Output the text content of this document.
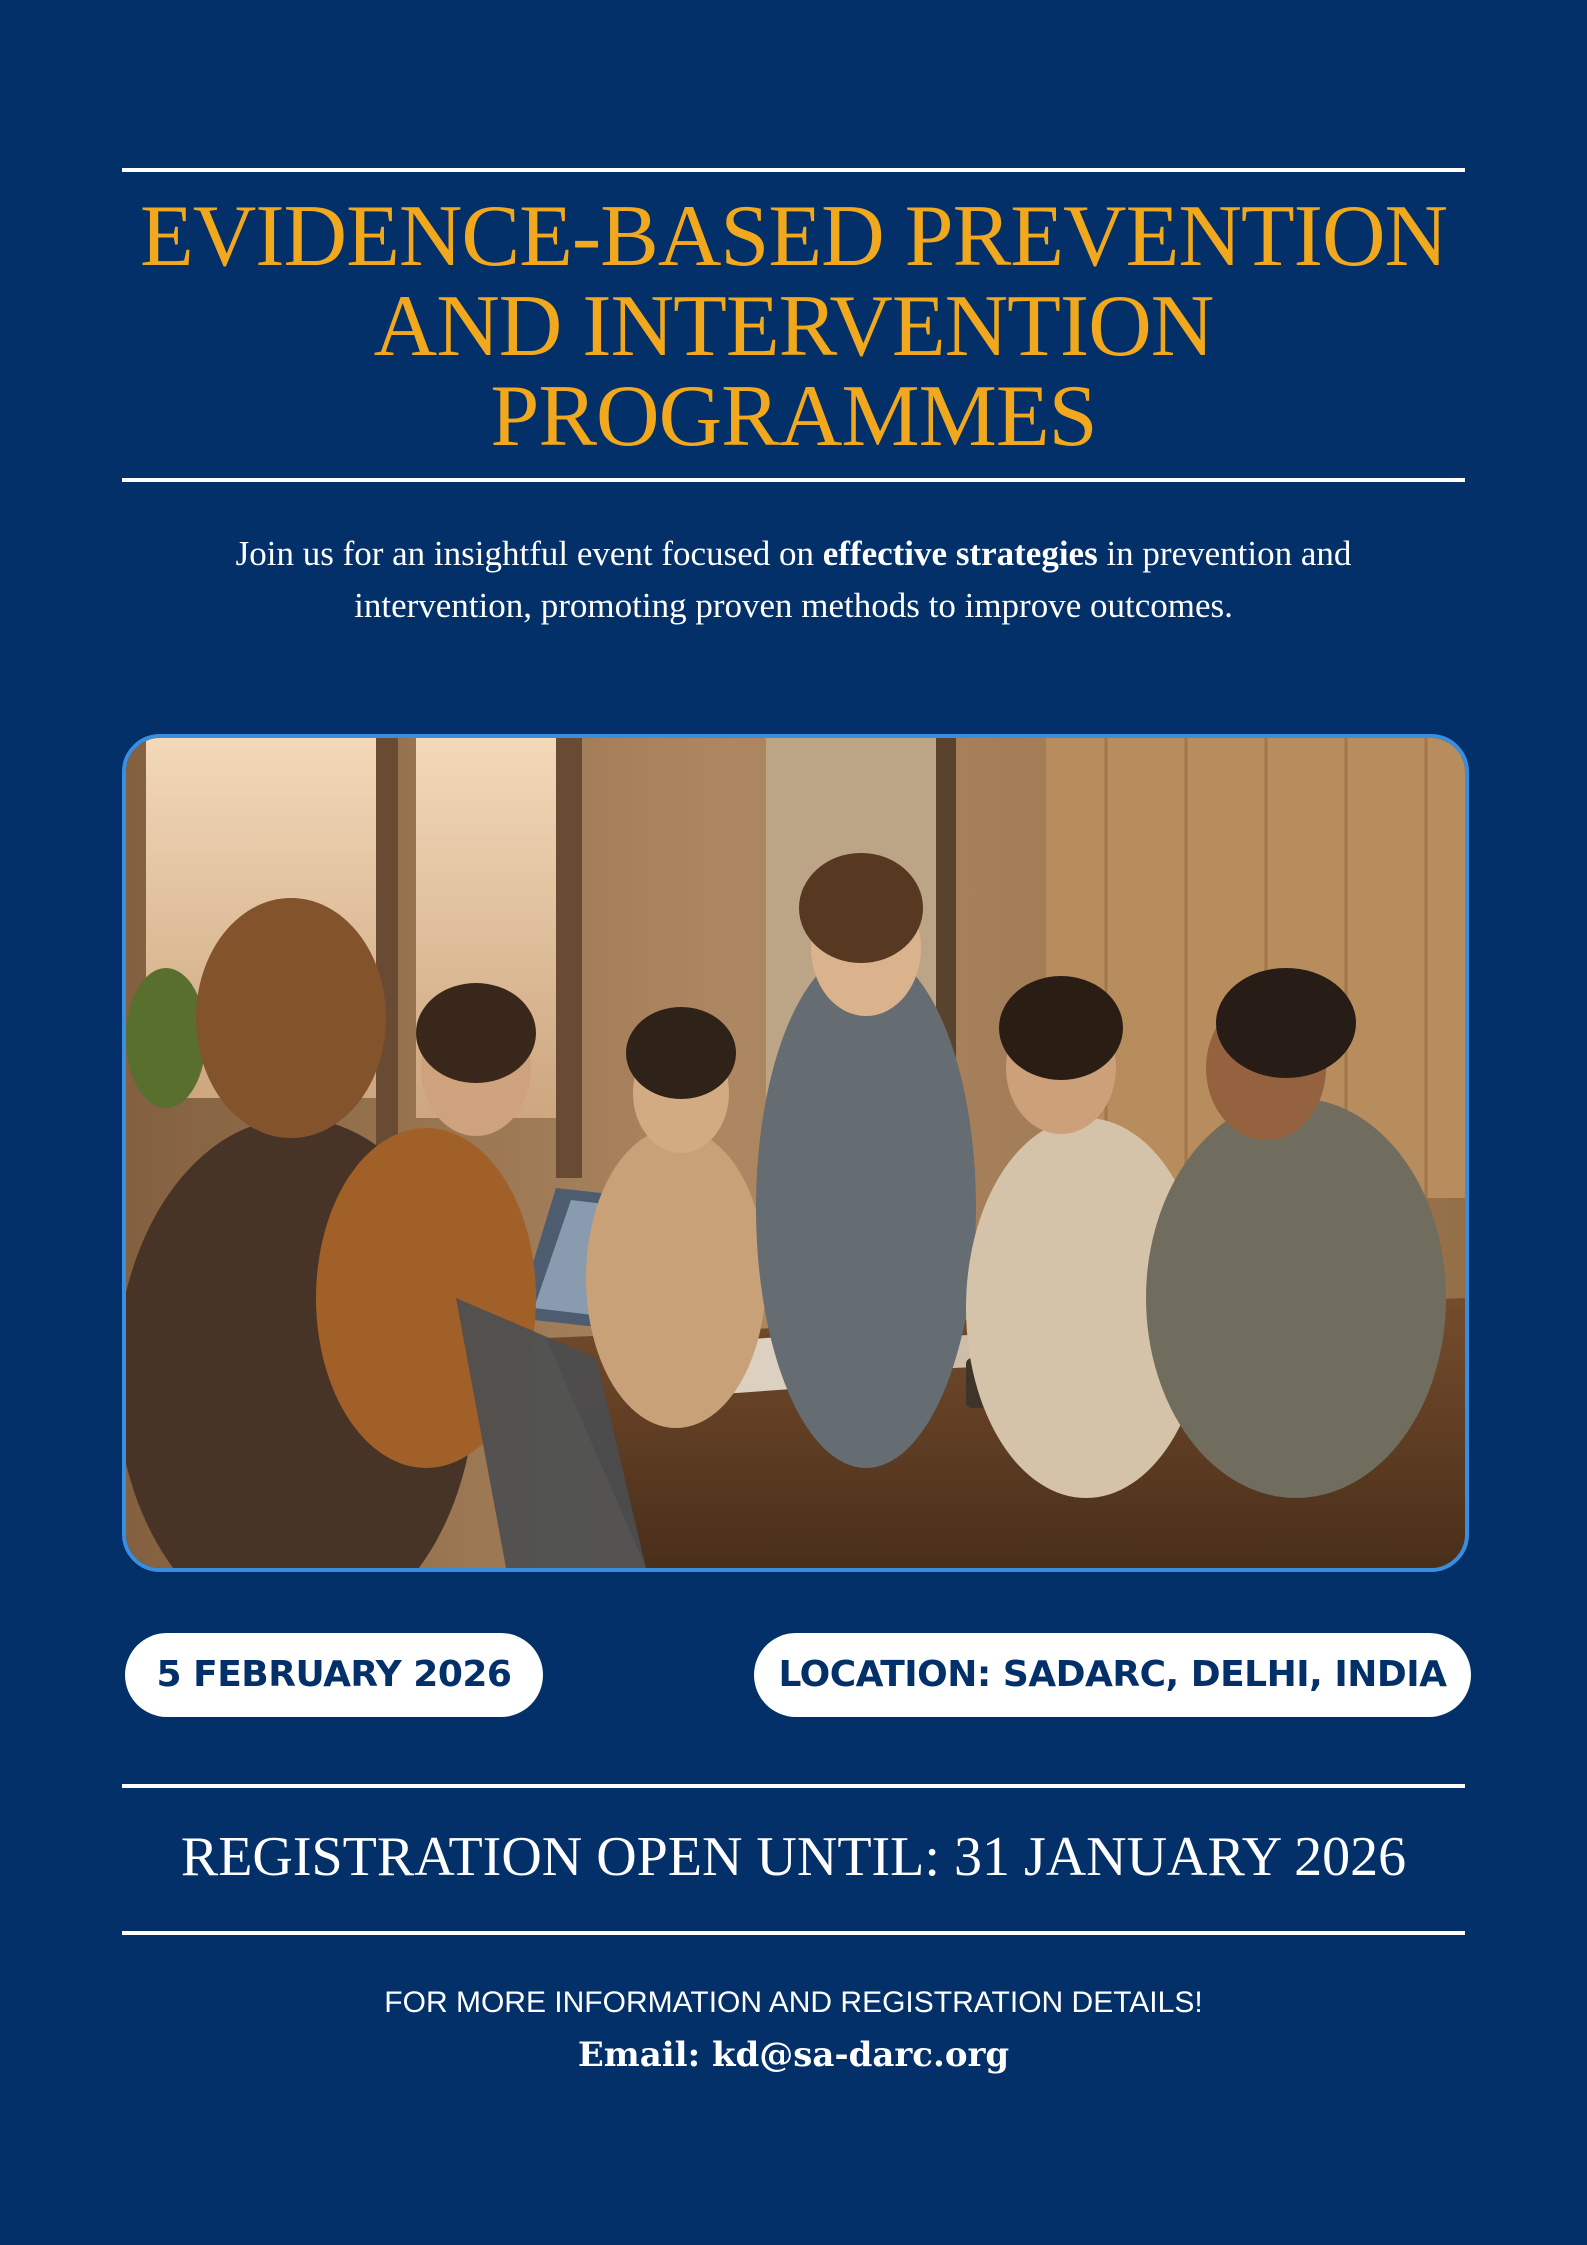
EVIDENCE-BASED PREVENTION AND INTERVENTION PROGRAMMES

Join us for an insightful event focused on effective strategies in prevention and intervention, promoting proven methods to improve outcomes.

5 FEBRUARY 2026	LOCATION: SADARC, DELHI, INDIA
REGISTRATION OPEN UNTIL: 31 JANUARY 2026

FOR MORE INFORMATION AND REGISTRATION DETAILS!

Email: kd@sa-darc.org
